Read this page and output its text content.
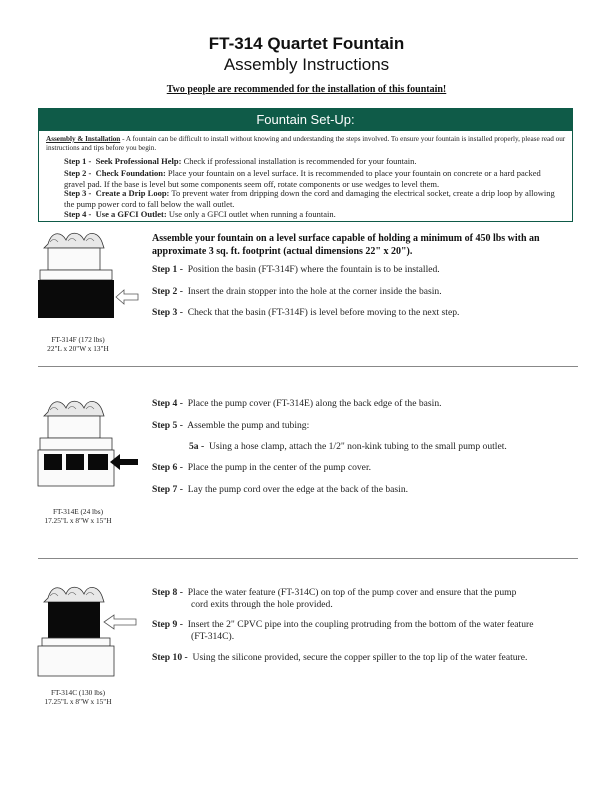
FT-314 Quartet Fountain
Assembly Instructions
Two people are recommended for the installation of this fountain!
Fountain Set-Up:
Assembly & Installation - A fountain can be difficult to install without knowing and understanding the steps involved. To ensure your fountain is installed properly, please read our instructions and tips before you begin.
Step 1 - Seek Professional Help: Check if professional installation is recommended for your fountain.
Step 2 - Check Foundation: Place your fountain on a level surface. It is recommended to place your fountain on concrete or a hard packed gravel pad. If the base is level but some components seem off, rotate components or use wedges to level them.
Step 3 - Create a Drip Loop: To prevent water from dripping down the cord and damaging the electrical socket, create a drip loop by allowing the pump power cord to fall below the wall outlet.
Step 4 - Use a GFCI Outlet: Use only a GFCI outlet when running a fountain.
Assemble your fountain on a level surface capable of holding a minimum of 450 lbs with an approximate 3 sq. ft. footprint (actual dimensions 22" x 20").
Step 1 - Position the basin (FT-314F) where the fountain is to be installed.
Step 2 - Insert the drain stopper into the hole at the corner inside the basin.
Step 3 - Check that the basin (FT-314F) is level before moving to the next step.
FT-314F (172 lbs)
22"L x 20"W x 13"H
Step 4 - Place the pump cover (FT-314E) along the back edge of the basin.
Step 5 - Assemble the pump and tubing:
5a - Using a hose clamp, attach the 1/2" non-kink tubing to the small pump outlet.
Step 6 - Place the pump in the center of the pump cover.
Step 7 - Lay the pump cord over the edge at the back of the basin.
FT-314E (24 lbs)
17.25"L x 8"W x 15"H
Step 8 - Place the water feature (FT-314C) on top of the pump cover and ensure that the pump
cord exits through the hole provided.
Step 9 - Insert the 2" CPVC pipe into the coupling protruding from the bottom of the water feature
(FT-314C).
Step 10 - Using the silicone provided, secure the copper spiller to the top lip of the water feature.
FT-314C (130 lbs)
17.25"L x 8"W x 15"H
